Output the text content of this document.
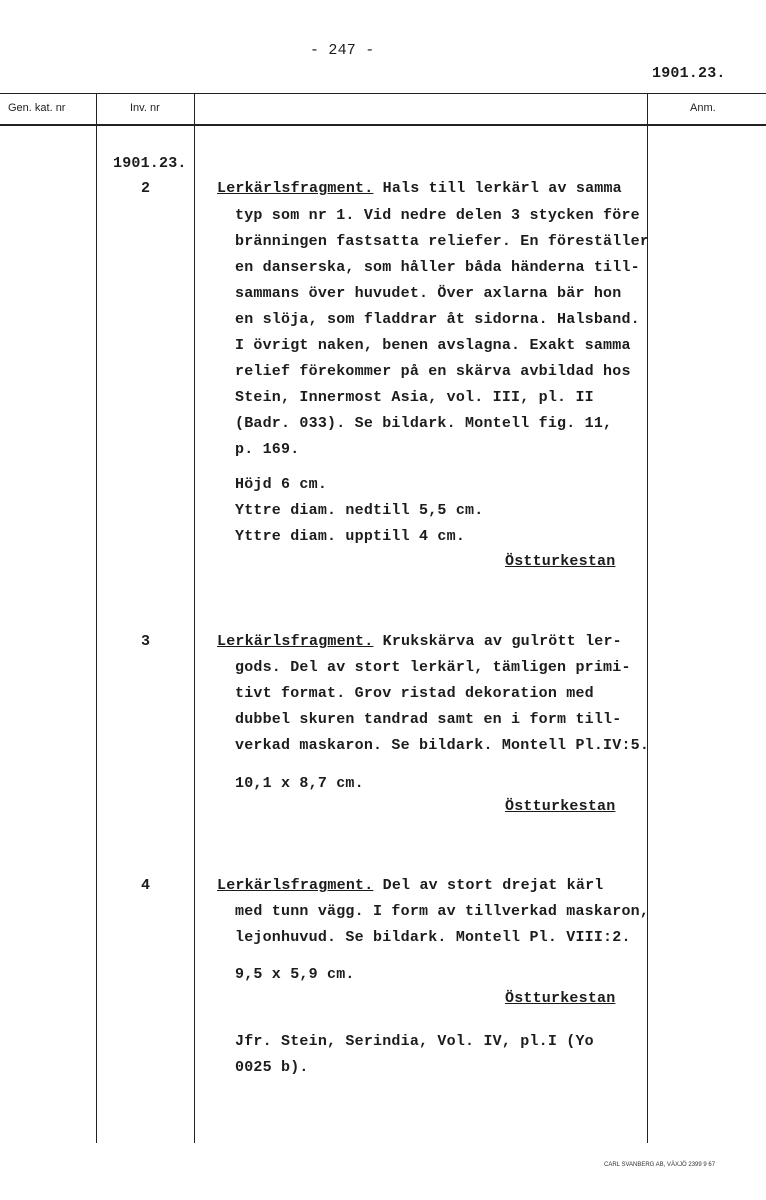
- 247 -
1901.23.
Gen. kat. nr	Inv. nr	Anm.
1901.23.
2	Lerkärlsfragment. Hals till lerkärl av samma
typ som nr 1. Vid nedre delen 3 stycken före
bränningen fastsatta reliefer. En föreställer
en danserska, som håller båda händerna till-
sammans över huvudet. Över axlarna bär hon
en slöja, som fladdrar åt sidorna. Halsband.
I övrigt naken, benen avslagna. Exakt samma
relief förekommer på en skärva avbildad hos
Stein, Innermost Asia, vol. III, pl. II
(Badr. 033). Se bildark. Montell fig. 11,
p. 169.
Höjd 6 cm.
Yttre diam. nedtill 5,5 cm.
Yttre diam. upptill 4 cm.
Östturkestan
3	Lerkärlsfragment. Krukskärva av gulrött ler-
gods. Del av stort lerkärl, tämligen primi-
tivt format. Grov ristad dekoration med
dubbel skuren tandrad samt en i form till-
verkad maskaron. Se bildark. Montell Pl.IV:5.
10,1 x 8,7 cm.
Östturkestan
4	Lerkärlsfragment. Del av stort drejat kärl
med tunn vägg. I form av tillverkad maskaron,
lejonhuvud. Se bildark. Montell Pl. VIII:2.
9,5 x 5,9 cm.
Östturkestan
Jfr. Stein, Serindia, Vol. IV, pl.I (Yo
0025 b).
CARL SVANBERG AB, VÄXJÖ 2399 9 67
